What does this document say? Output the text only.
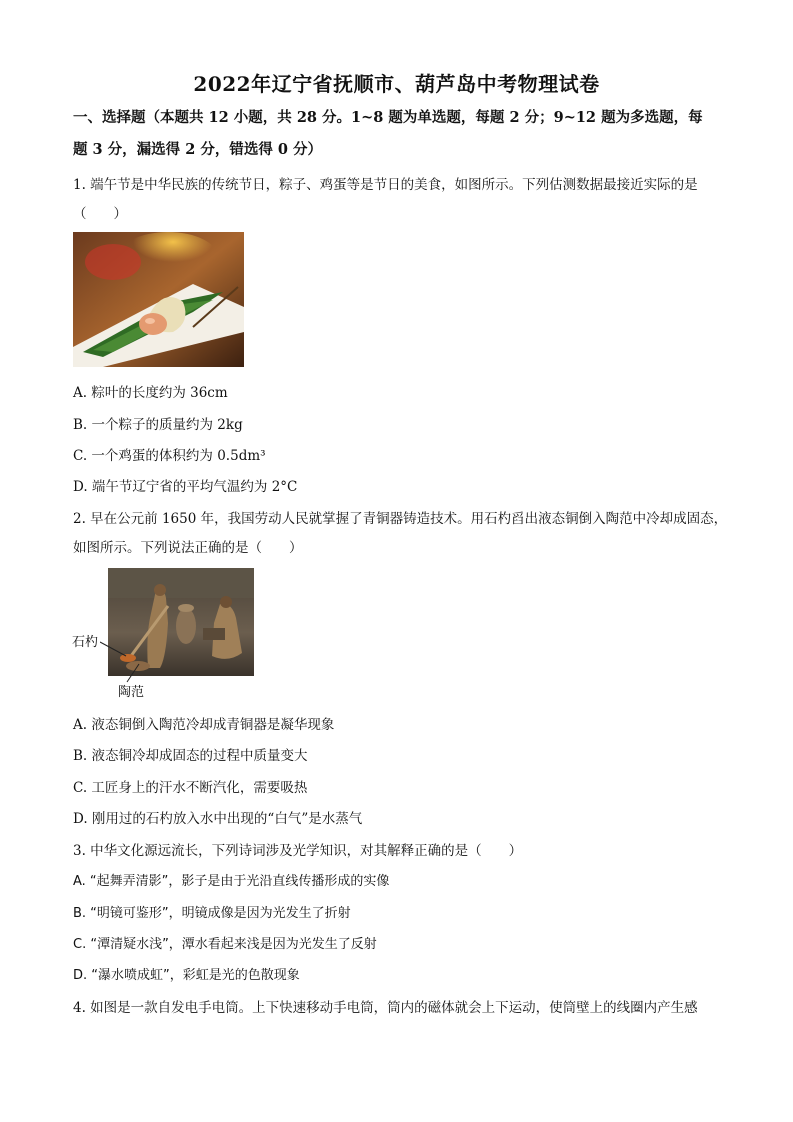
2022年辽宁省抚顺市、葫芦岛中考物理试卷
一、选择题（本题共 12 小题，共 28 分。1~8 题为单选题，每题 2 分；9~12 题为多选题，每
题 3 分，漏选得 2 分，错选得 0 分）
1. 端午节是中华民族的传统节日，粽子、鸡蛋等是节日的美食，如图所示。下列估测数据最接近实际的是
（　　）
A. 粽叶的长度约为 36cm
B. 一个粽子的质量约为 2kg
C. 一个鸡蛋的体积约为 0.5dm³
D. 端午节辽宁省的平均气温约为 2°C
2. 早在公元前 1650 年，我国劳动人民就掌握了青铜器铸造技术。用石杓舀出液态铜倒入陶范中冷却成固态，
如图所示。下列说法正确的是（　　）
石杓
陶范
A. 液态铜倒入陶范冷却成青铜器是凝华现象
B. 液态铜冷却成固态的过程中质量变大
C. 工匠身上的汗水不断汽化，需要吸热
D. 刚用过的石杓放入水中出现的“白气”是水蒸气
3. 中华文化源远流长，下列诗词涉及光学知识，对其解释正确的是（　　）
A. “起舞弄清影”，影子是由于光沿直线传播形成的实像
B. “明镜可鉴形”，明镜成像是因为光发生了折射
C. “潭清疑水浅”，潭水看起来浅是因为光发生了反射
D. “瀑水喷成虹”，彩虹是光的色散现象
4. 如图是一款自发电手电筒。上下快速移动手电筒，筒内的磁体就会上下运动，使筒壁上的线圈内产生感
